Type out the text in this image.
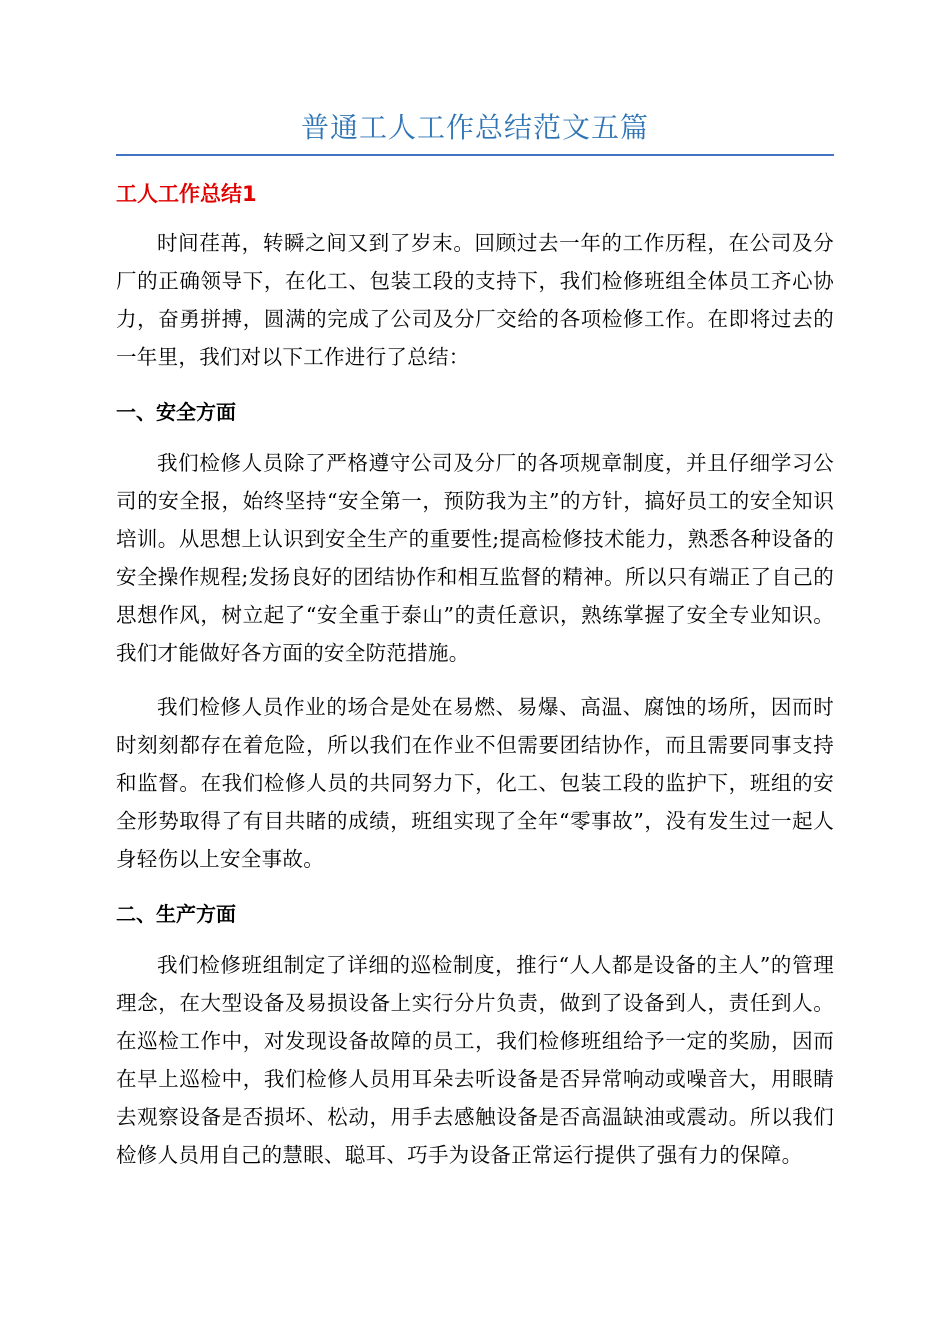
普通工人工作总结范文五篇
工人工作总结1

时间荏苒，转瞬之间又到了岁末。回顾过去一年的工作历程，在公司及分厂的正确领导下，在化工、包装工段的支持下，我们检修班组全体员工齐心协力，奋勇拼搏，圆满的完成了公司及分厂交给的各项检修工作。在即将过去的一年里，我们对以下工作进行了总结：

一、安全方面

我们检修人员除了严格遵守公司及分厂的各项规章制度，并且仔细学习公司的安全报，始终坚持“安全第一，预防我为主”的方针，搞好员工的安全知识培训。从思想上认识到安全生产的重要性;提高检修技术能力，熟悉各种设备的安全操作规程;发扬良好的团结协作和相互监督的精神。所以只有端正了自己的思想作风，树立起了“安全重于泰山”的责任意识，熟练掌握了安全专业知识。我们才能做好各方面的安全防范措施。

我们检修人员作业的场合是处在易燃、易爆、高温、腐蚀的场所，因而时时刻刻都存在着危险，所以我们在作业不但需要团结协作，而且需要同事支持和监督。在我们检修人员的共同努力下，化工、包装工段的监护下，班组的安全形势取得了有目共睹的成绩，班组实现了全年“零事故”，没有发生过一起人身轻伤以上安全事故。

二、生产方面

我们检修班组制定了详细的巡检制度，推行“人人都是设备的主人”的管理理念，在大型设备及易损设备上实行分片负责，做到了设备到人，责任到人。在巡检工作中，对发现设备故障的员工，我们检修班组给予一定的奖励，因而在早上巡检中，我们检修人员用耳朵去听设备是否异常响动或噪音大，用眼睛去观察设备是否损坏、松动，用手去感触设备是否高温缺油或震动。所以我们检修人员用自己的慧眼、聪耳、巧手为设备正常运行提供了强有力的保障。
